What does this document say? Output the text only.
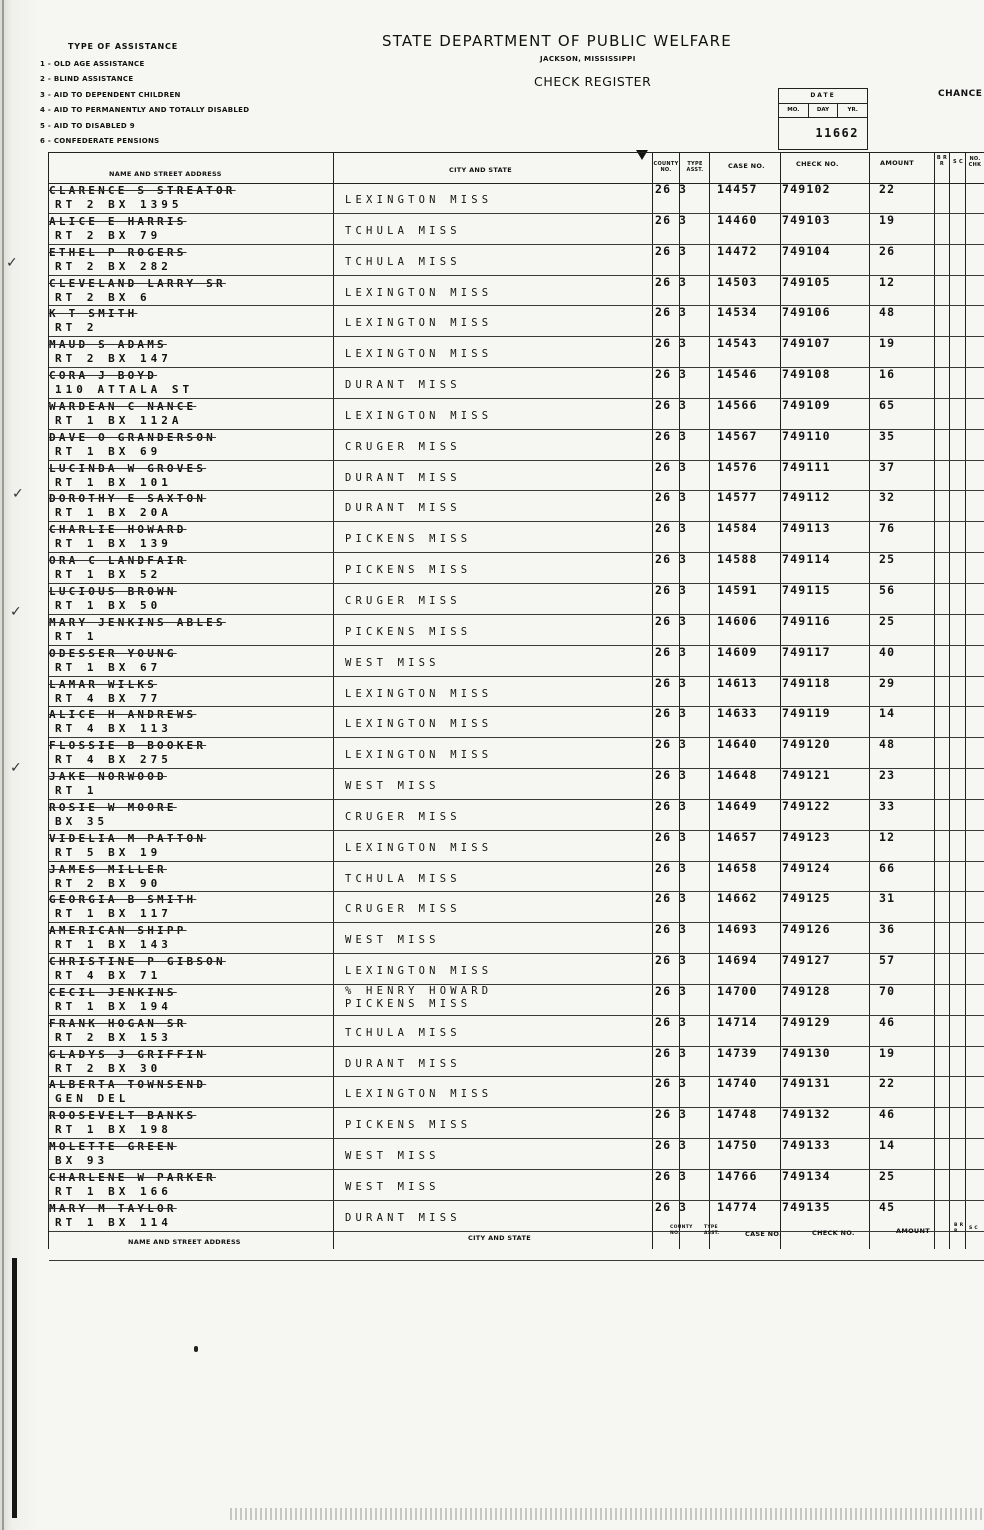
TYPE OF ASSISTANCE
1 - OLD AGE ASSISTANCE
2 - BLIND ASSISTANCE
3 - AID TO DEPENDENT CHILDREN
4 - AID TO PERMANENTLY AND TOTALLY DISABLED
5 - AID TO DISABLED 9
6 - CONFEDERATE PENSIONS
STATE DEPARTMENT OF PUBLIC WELFARE
JACKSON, MISSISSIPPI
CHECK REGISTER
CHANCE
DATE
MO.	DAY	YR.
11662
NAME AND STREET ADDRESS	CITY AND STATE
COUNTY NO.
TYPE ASST.	CASE NO.	CHECK NO.	AMOUNT
B R R	S C	NO. CHK
CLARENCE S STREATOR
RT 2 BX 1395	LEXINGTON MISS
26 3	14457 749102	22
ALICE E HARRIS
RT 2 BX 79	TCHULA MISS
26 3	14460 749103	19
ETHEL P ROGERS
RT 2 BX 282	TCHULA MISS
26 3	14472 749104	26
CLEVELAND LARRY SR
RT 2 BX 6	LEXINGTON MISS
26 3	14503 749105	12
K T SMITH
RT 2	LEXINGTON MISS
26 3	14534 749106	48
MAUD S ADAMS
RT 2 BX 147	LEXINGTON MISS
26 3	14543 749107	19
CORA J BOYD
110 ATTALA ST	DURANT MISS
26 3	14546 749108	16
WARDEAN C NANCE
RT 1 BX 112A	LEXINGTON MISS
26 3	14566 749109	65
DAVE O GRANDERSON
RT 1 BX 69	CRUGER MISS
26 3	14567 749110	35
LUCINDA W GROVES
RT 1 BX 101	DURANT MISS
26 3	14576 749111	37
DOROTHY E SAXTON
RT 1 BX 20A	DURANT MISS
26 3	14577 749112	32
CHARLIE HOWARD
RT 1 BX 139	PICKENS MISS
26 3	14584 749113	76
ORA C LANDFAIR
RT 1 BX 52	PICKENS MISS
26 3	14588 749114	25
LUCIOUS BROWN
RT 1 BX 50	CRUGER MISS
26 3	14591 749115	56
MARY JENKINS ABLES
RT 1	PICKENS MISS
26 3	14606 749116	25
ODESSER YOUNG
RT 1 BX 67	WEST MISS
26 3	14609 749117	40
LAMAR WILKS
RT 4 BX 77	LEXINGTON MISS
26 3	14613 749118	29
ALICE H ANDREWS
RT 4 BX 113	LEXINGTON MISS
26 3	14633 749119	14
FLOSSIE B BOOKER
RT 4 BX 275	LEXINGTON MISS
26 3	14640 749120	48
JAKE NORWOOD
RT 1	WEST MISS
26 3	14648 749121	23
ROSIE W MOORE
BX 35	CRUGER MISS
26 3	14649 749122	33
VIDELIA M PATTON
RT 5 BX 19	LEXINGTON MISS
26 3	14657 749123	12
JAMES MILLER
RT 2 BX 90	TCHULA MISS
26 3	14658 749124	66
GEORGIA B SMITH
RT 1 BX 117	CRUGER MISS
26 3	14662 749125	31
AMERICAN SHIPP
RT 1 BX 143	WEST MISS
26 3	14693 749126	36
CHRISTINE P GIBSON
RT 4 BX 71	LEXINGTON MISS
26 3	14694 749127	57
CECIL JENKINS
RT 1 BX 194
% HENRY HOWARD	26 3	14700 749128	70
PICKENS MISS
FRANK HOGAN SR
RT 2 BX 153	TCHULA MISS
26 3	14714 749129	46
GLADYS J GRIFFIN
RT 2 BX 30	DURANT MISS
26 3	14739 749130	19
ALBERTA TOWNSEND
GEN DEL	LEXINGTON MISS
26 3	14740 749131	22
ROOSEVELT BANKS
RT 1 BX 198	PICKENS MISS
26 3	14748 749132	46
MOLETTE GREEN
BX 93	WEST MISS
26 3	14750 749133	14
CHARLENE W PARKER
RT 1 BX 166	WEST MISS
26 3	14766 749134	25
MARY M TAYLOR
RT 1 BX 114	DURANT MISS
26 3	14774 749135	45
NAME AND STREET ADDRESS	CITY AND STATE
COUNTY NO.
TYPE ASST.	CASE NO.	CHECK NO.	AMOUNT
B R R
S C
✓
✓
✓
✓
